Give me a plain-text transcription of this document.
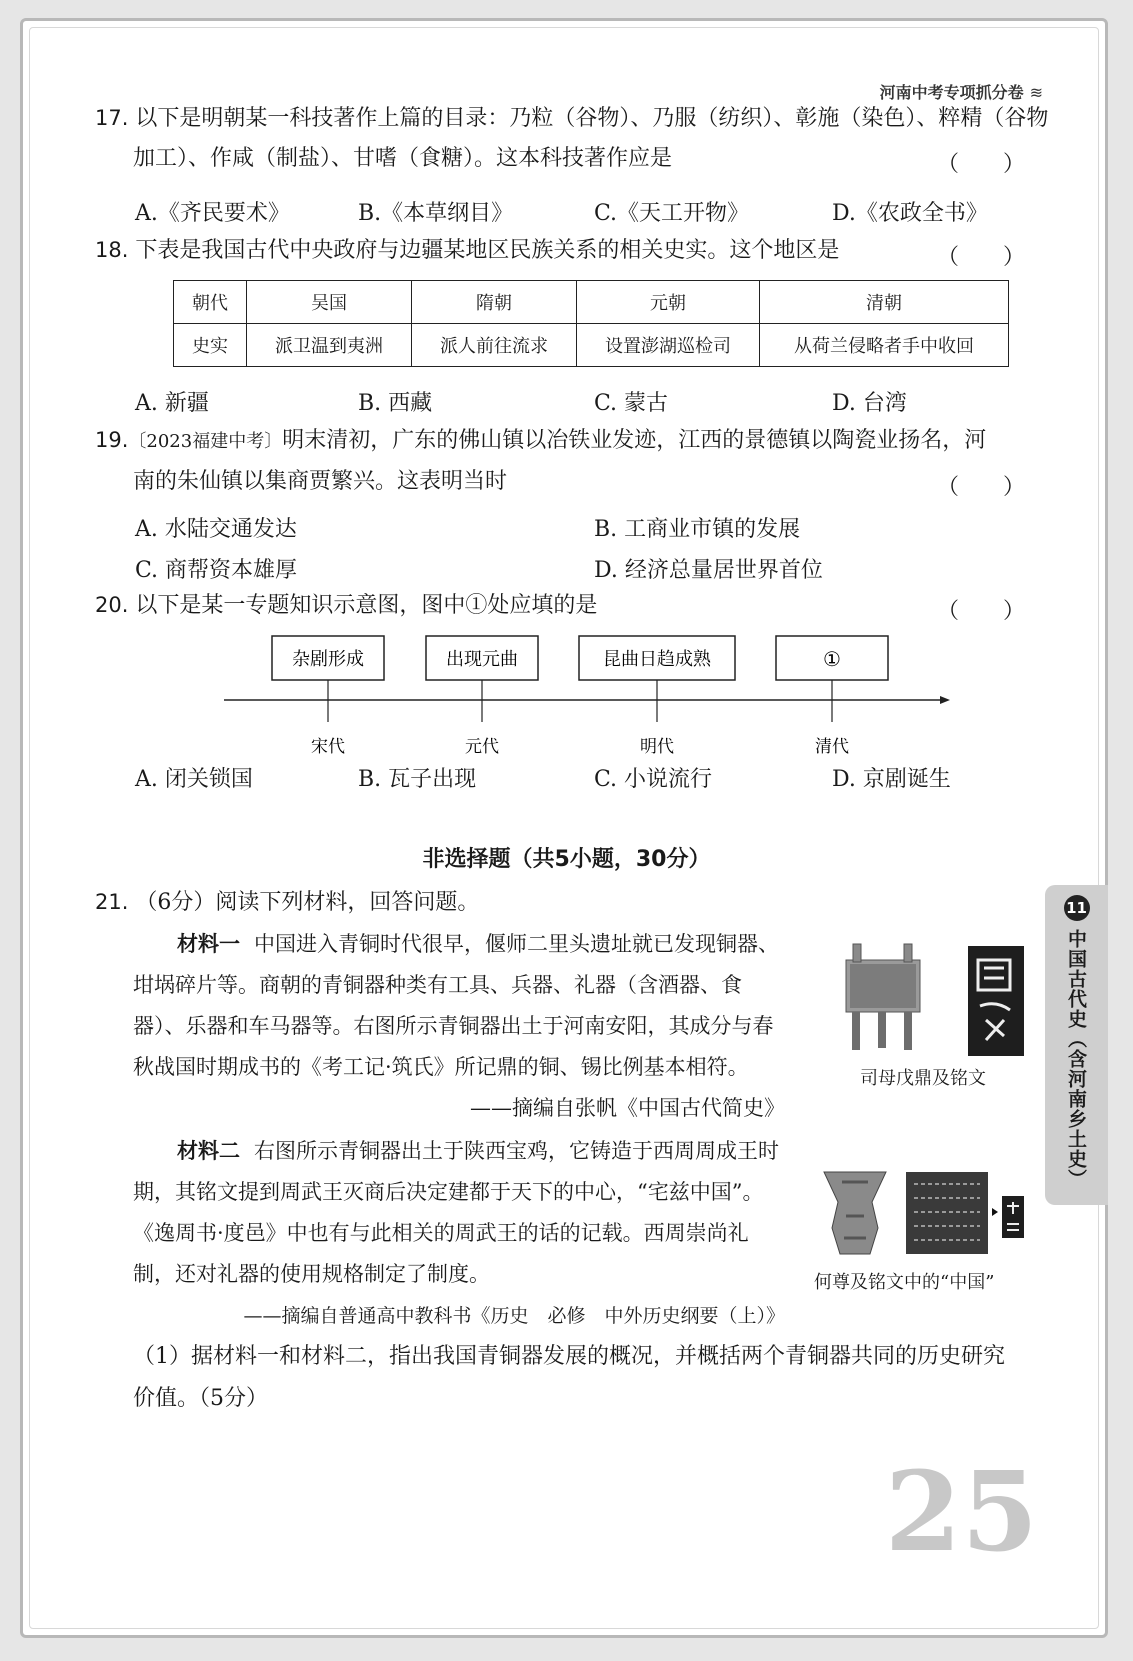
河南中考专项抓分卷 ≋
17. 以下是明朝某一科技著作上篇的目录：乃粒（谷物）、乃服（纺织）、彰施（染色）、粹精（谷物
加工）、作咸（制盐）、甘嗜（食糖）。这本科技著作应是	（　　）
A.《齐民要术》	B.《本草纲目》	C.《天工开物》	D.《农政全书》
18. 下表是我国古代中央政府与边疆某地区民族关系的相关史实。这个地区是	（　　）
朝代	吴国	隋朝	元朝	清朝
史实	派卫温到夷洲	派人前往流求	设置澎湖巡检司	从荷兰侵略者手中收回
A. 新疆	B. 西藏	C. 蒙古	D. 台湾
19.〔2023福建中考〕明末清初，广东的佛山镇以冶铁业发迹，江西的景德镇以陶瓷业扬名，河
南的朱仙镇以集商贾繁兴。这表明当时	（　　）
A. 水陆交通发达	B. 工商业市镇的发展
C. 商帮资本雄厚	D. 经济总量居世界首位
20. 以下是某一专题知识示意图，图中①处应填的是	（　　）
杂剧形成
宋代
出现元曲
元代
昆曲日趋成熟
明代
①
清代
A. 闭关锁国	B. 瓦子出现	C. 小说流行	D. 京剧诞生
非选择题（共5小题，30分）
21. （6分）阅读下列材料，回答问题。
材料一 中国进入青铜时代很早，偃师二里头遗址就已发现铜器、坩埚碎片等。商朝的青铜器种类有工具、兵器、礼器（含酒器、食器）、乐器和车马器等。右图所示青铜器出土于河南安阳，其成分与春秋战国时期成书的《考工记·筑氏》所记鼎的铜、锡比例基本相符。
——摘编自张帆《中国古代简史》
材料二 右图所示青铜器出土于陕西宝鸡，它铸造于西周周成王时期，其铭文提到周武王灭商后决定建都于天下的中心，“宅兹中国”。《逸周书·度邑》中也有与此相关的周武王的话的记载。西周崇尚礼制，还对礼器的使用规格制定了制度。
——摘编自普通高中教科书《历史　必修　中外历史纲要（上）》
司母戊鼎及铭文
何尊及铭文中的“中国”
（1）据材料一和材料二，指出我国青铜器发展的概况，并概括两个青铜器共同的历史研究
价值。（5分）
11
中国古代史（含河南乡土史）
25
